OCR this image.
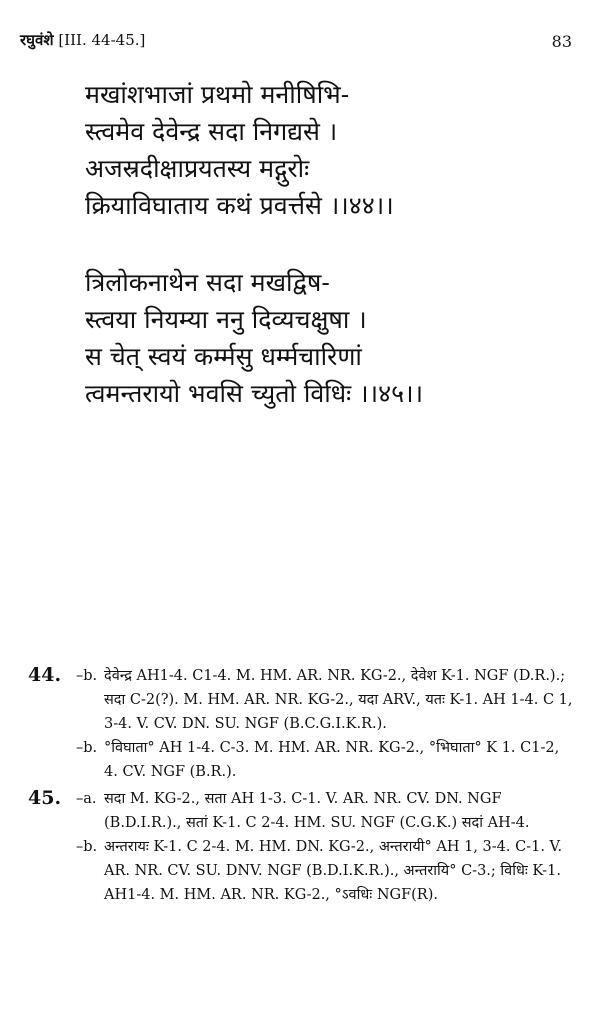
रघुवंशे [III. 44-45.]	83
मखांशभाजां प्रथमो मनीषिभि-
स्त्वमेव देवेन्द्र सदा निगद्यसे ।
अजस्रदीक्षाप्रयतस्य मद्गुरोः
क्रियाविघाताय कथं प्रवर्त्तसे ।।४४।।
त्रिलोकनाथेन सदा मखद्विष-
स्त्वया नियम्या ननु दिव्यचक्षुषा ।
स चेत् स्वयं कर्म्मसु धर्म्मचारिणां
त्वमन्तरायो भवसि च्युतो विधिः ।।४५।।
44. –b. देवेन्द्र AH1-4. C1-4. M. HM. AR. NR. KG-2., देवेश K-1. NGF (D.R.).; सदा C-2(?). M. HM. AR. NR. KG-2., यदा ARV., यतः K-1. AH 1-4. C 1, 3-4. V. CV. DN. SU. NGF (B.C.G.I.K.R.).
–b. °विघाता° AH 1-4. C-3. M. HM. AR. NR. KG-2., °भिघाता° K 1. C1-2, 4. CV. NGF (B.R.).
45. –a. सदा M. KG-2., सता AH 1-3. C-1. V. AR. NR. CV. DN. NGF (B.D.I.R.)., सतां K-1. C 2-4. HM. SU. NGF (C.G.K.) सदां AH-4.
–b. अन्तरायः K-1. C 2-4. M. HM. DN. KG-2., अन्तरायी° AH 1, 3-4. C-1. V. AR. NR. CV. SU. DNV. NGF (B.D.I.K.R.)., अन्तरायि° C-3.; विधिः K-1. AH1-4. M. HM. AR. NR. KG-2., °ऽवधिः NGF(R).
